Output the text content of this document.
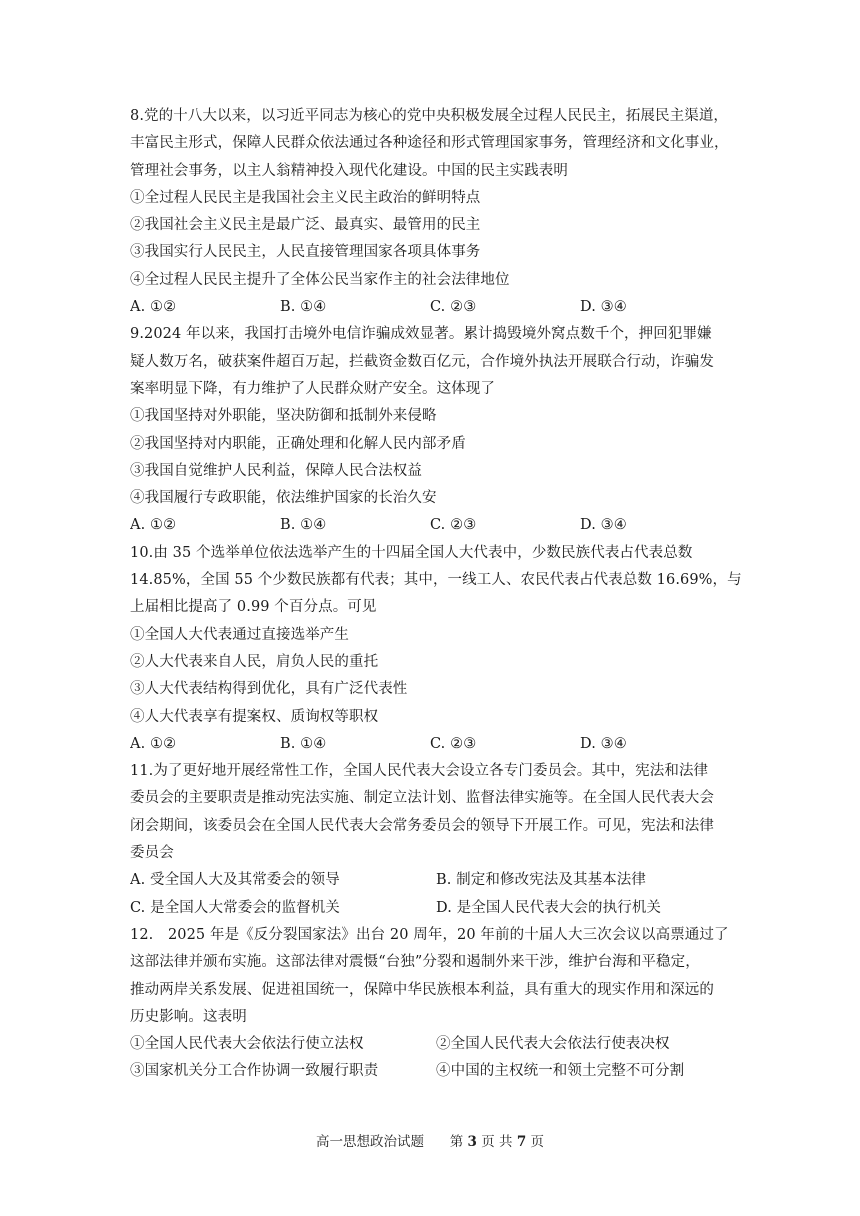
8.党的十八大以来，以习近平同志为核心的党中央积极发展全过程人民民主，拓展民主渠道，
丰富民主形式，保障人民群众依法通过各种途径和形式管理国家事务，管理经济和文化事业，
管理社会事务，以主人翁精神投入现代化建设。中国的民主实践表明
①全过程人民民主是我国社会主义民主政治的鲜明特点
②我国社会主义民主是最广泛、最真实、最管用的民主
③我国实行人民民主，人民直接管理国家各项具体事务
④全过程人民民主提升了全体公民当家作主的社会法律地位
A. ①②	B. ①④	C. ②③	D. ③④
9.2024 年以来，我国打击境外电信诈骗成效显著。累计捣毁境外窝点数千个，押回犯罪嫌
疑人数万名，破获案件超百万起，拦截资金数百亿元，合作境外执法开展联合行动，诈骗发
案率明显下降，有力维护了人民群众财产安全。这体现了
①我国坚持对外职能，坚决防御和抵制外来侵略
②我国坚持对内职能，正确处理和化解人民内部矛盾
③我国自觉维护人民利益，保障人民合法权益
④我国履行专政职能，依法维护国家的长治久安
A. ①②	B. ①④	C. ②③	D. ③④
10.由 35 个选举单位依法选举产生的十四届全国人大代表中，少数民族代表占代表总数
14.85%，全国 55 个少数民族都有代表；其中，一线工人、农民代表占代表总数 16.69%，与
上届相比提高了 0.99 个百分点。可见
①全国人大代表通过直接选举产生
②人大代表来自人民，肩负人民的重托
③人大代表结构得到优化，具有广泛代表性
④人大代表享有提案权、质询权等职权
A. ①②	B. ①④	C. ②③	D. ③④
11.为了更好地开展经常性工作，全国人民代表大会设立各专门委员会。其中，宪法和法律
委员会的主要职责是推动宪法实施、制定立法计划、监督法律实施等。在全国人民代表大会
闭会期间，该委员会在全国人民代表大会常务委员会的领导下开展工作。可见，宪法和法律
委员会
A. 受全国人大及其常委会的领导	B. 制定和修改宪法及其基本法律
C. 是全国人大常委会的监督机关	D. 是全国人民代表大会的执行机关
12.　2025 年是《反分裂国家法》出台 20 周年，20 年前的十届人大三次会议以高票通过了
这部法律并颁布实施。这部法律对震慑“台独”分裂和遏制外来干涉，维护台海和平稳定，
推动两岸关系发展、促进祖国统一，保障中华民族根本利益，具有重大的现实作用和深远的
历史影响。这表明
①全国人民代表大会依法行使立法权	②全国人民代表大会依法行使表决权
③国家机关分工合作协调一致履行职责	④中国的主权统一和领土完整不可分割
高一思想政治试题 第 3 页 共 7 页
